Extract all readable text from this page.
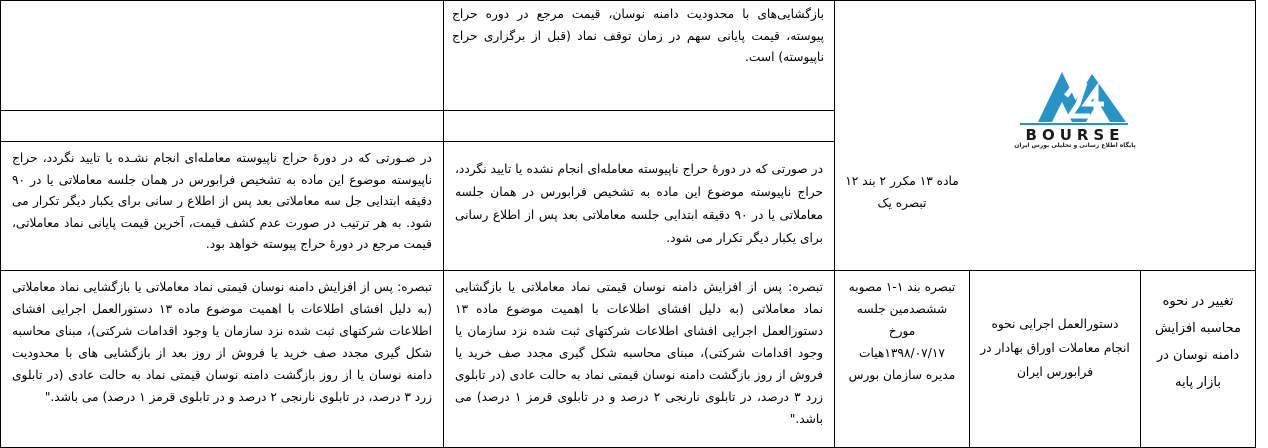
BOURSE
پایگاه اطلاع رسانی و تحلیلی بورس ایران
بازگشایی‌های با محدودیت دامنه نوسان، قیمت مرجع در دوره حراج پیوسته، قیمت پایانی سهم در زمان توقف نماد (قبل از برگزاری حراج ناپیوسته) است.
در صـورتی که در دورهٔ حراج ناپیوسته معامله‌ای انجام نشـده یا تایید نگردد، حراج ناپیوسته موضوع این ماده به تشخیص فرابورس در همان جلسه معاملاتی یا در ۹۰ دقیقه ابتدایی جل سه معاملاتی بعد پس از اطلاع ر سانی برای یکبار دیگر تکرار می شود. به هر ترتیب در صورت عدم کشف قیمت، آخرین قیمت پایانی نماد معاملاتی، قیمت مرجع در دورهٔ حراج پیوسته خواهد بود.
در صورتی که در دورهٔ حراج ناپیوسته معامله‌ای انجام نشده یا تایید نگردد، حراج ناپیوسته موضوع این ماده به تشخیص فرابورس در همان جلسه معاملاتی یا در ۹۰ دقیقه ابتدایی جلسه معاملاتی بعد پس از اطلاع رسانی برای یکبار دیگر تکرار می شود.
ماده ۱۳ مکرر ۲ بند ۱۲ تبصره یک
تبصره: پس از افزایش دامنه نوسان قیمتی نماد معاملاتی یا بازگشایی نماد معاملاتی (به دلیل افشای اطلاعات با اهمیت موضوع ماده ۱۳ دستورالعمل اجرایی افشای اطلاعات شرکتهای ثبت شده نزد سازمان یا وجود اقدامات شرکتی)، مبنای محاسبه شکل گیری مجدد صف خرید یا فروش از روز بعد از بازگشایی های با محدودیت دامنه نوسان یا از روز بازگشت دامنه نوسان قیمتی نماد به حالت عادی (در تابلوی زرد ۳ درصد، در تابلوی نارنجی ۲ درصد و در تابلوی قرمز ۱ درصد) می باشد."
تبصره: پس از افزایش دامنه نوسان قیمتی نماد معاملاتی یا بازگشایی نماد معاملاتی (به دلیل افشای اطلاعات با اهمیت موضوع ماده ۱۳ دستورالعمل اجرایی افشای اطلاعات شرکتهای ثبت شده نزد سازمان یا وجود اقدامات شرکتی)، مبنای محاسبه شکل گیری مجدد صف خرید یا فروش از روز بازگشت دامنه نوسان قیمتی نماد به حالت عادی (در تابلوی زرد ۳ درصد، در تابلوی نارنجی ۲ درصد و در تابلوی قرمز ۱ درصد) می باشد."
تبصره بند ۱-۱ مصوبه ششصدمین جلسه مورخ ۱۳۹۸/۰۷/۱۷هیات مدیره سازمان بورس
دستورالعمل اجرایی نحوه انجام معاملات اوراق بهادار در فرابورس ایران
تغییر در نحوه محاسبه افزایش دامنه نوسان در بازار پایه
